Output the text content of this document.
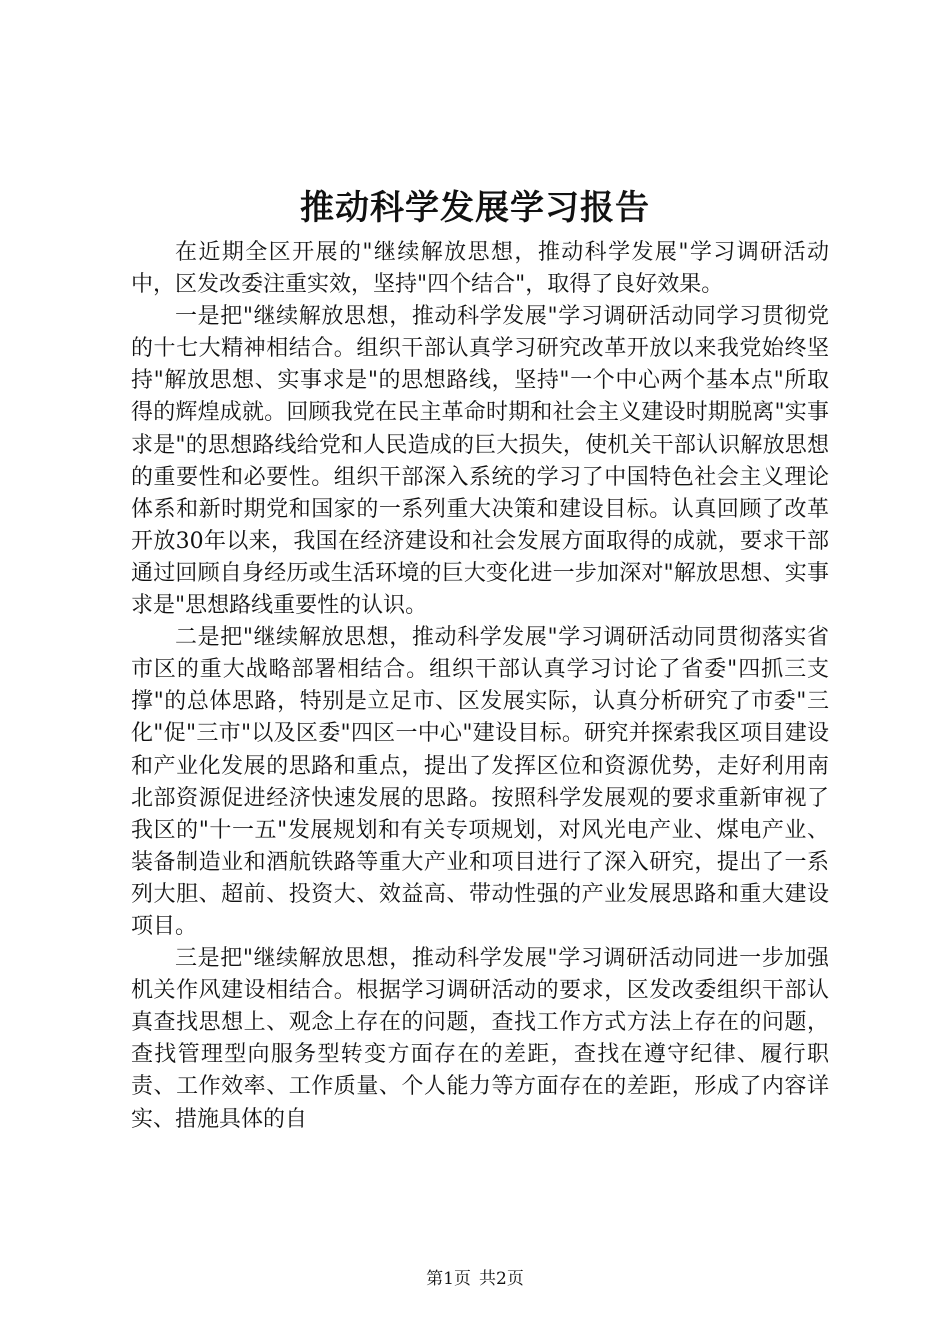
推动科学发展学习报告

在近期全区开展的"继续解放思想，推动科学发展"学习调研活动中，区发改委注重实效，坚持"四个结合"，取得了良好效果。

一是把"继续解放思想，推动科学发展"学习调研活动同学习贯彻党的十七大精神相结合。组织干部认真学习研究改革开放以来我党始终坚持"解放思想、实事求是"的思想路线，坚持"一个中心两个基本点"所取得的辉煌成就。回顾我党在民主革命时期和社会主义建设时期脱离"实事求是"的思想路线给党和人民造成的巨大损失，使机关干部认识解放思想的重要性和必要性。组织干部深入系统的学习了中国特色社会主义理论体系和新时期党和国家的一系列重大决策和建设目标。认真回顾了改革开放30年以来，我国在经济建设和社会发展方面取得的成就，要求干部通过回顾自身经历或生活环境的巨大变化进一步加深对"解放思想、实事求是"思想路线重要性的认识。

二是把"继续解放思想，推动科学发展"学习调研活动同贯彻落实省市区的重大战略部署相结合。组织干部认真学习讨论了省委"四抓三支撑"的总体思路，特别是立足市、区发展实际，认真分析研究了市委"三化"促"三市"以及区委"四区一中心"建设目标。研究并探索我区项目建设和产业化发展的思路和重点，提出了发挥区位和资源优势，走好利用南北部资源促进经济快速发展的思路。按照科学发展观的要求重新审视了我区的"十一五"发展规划和有关专项规划，对风光电产业、煤电产业、装备制造业和酒航铁路等重大产业和项目进行了深入研究，提出了一系列大胆、超前、投资大、效益高、带动性强的产业发展思路和重大建设项目。

三是把"继续解放思想，推动科学发展"学习调研活动同进一步加强机关作风建设相结合。根据学习调研活动的要求，区发改委组织干部认真查找思想上、观念上存在的问题，查找工作方式方法上存在的问题，查找管理型向服务型转变方面存在的差距，查找在遵守纪律、履行职责、工作效率、工作质量、个人能力等方面存在的差距，形成了内容详实、措施具体的自

第1页 共2页
